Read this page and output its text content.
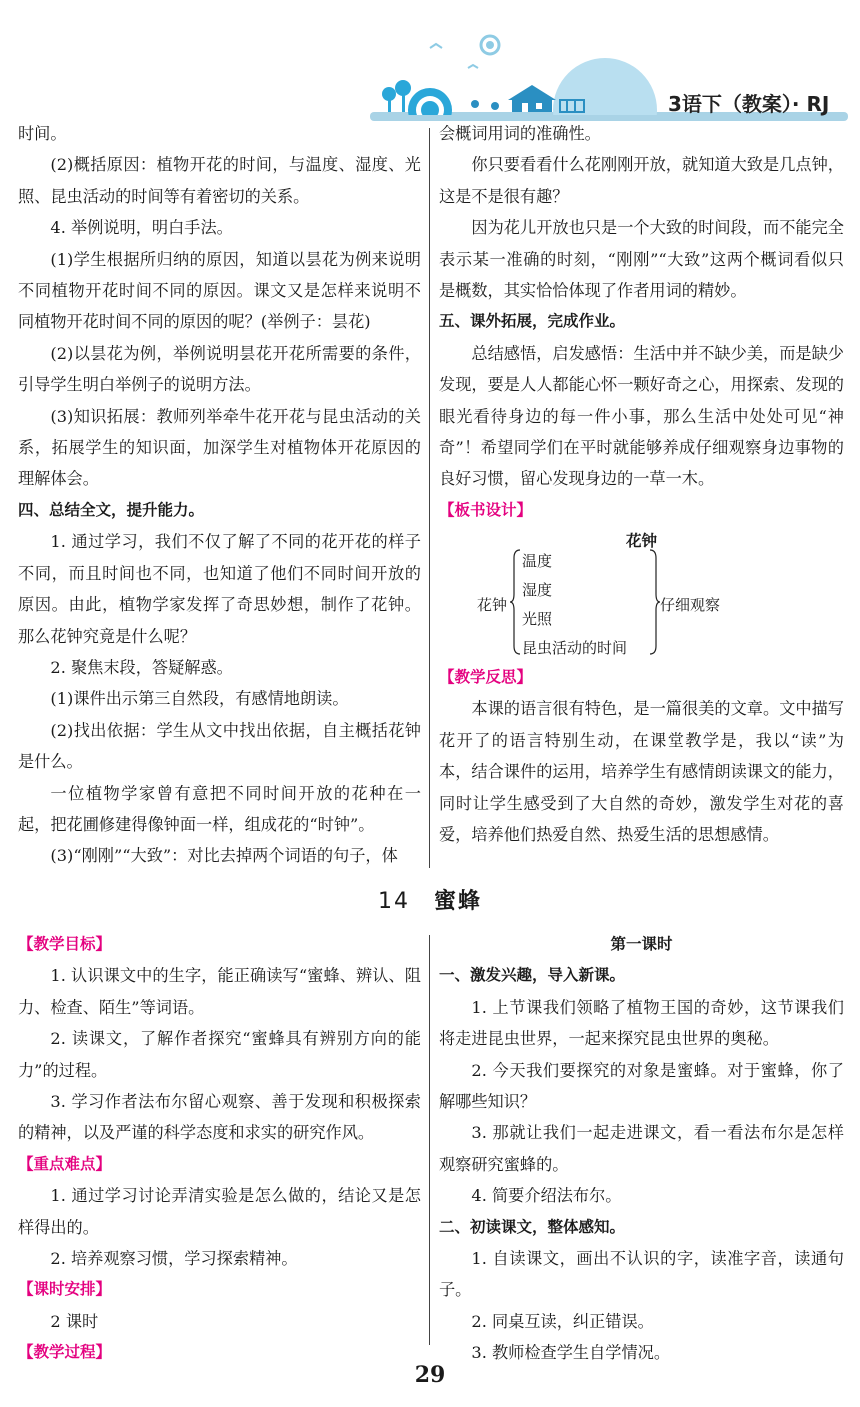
3语下（教案）· RJ

时间。

(2)概括原因：植物开花的时间，与温度、湿度、光照、昆虫活动的时间等有着密切的关系。

4. 举例说明，明白手法。

(1)学生根据所归纳的原因，知道以昙花为例来说明不同植物开花时间不同的原因。课文又是怎样来说明不同植物开花时间不同的原因的呢？(举例子：昙花)

(2)以昙花为例，举例说明昙花开花所需要的条件，引导学生明白举例子的说明方法。

(3)知识拓展：教师列举牵牛花开花与昆虫活动的关系，拓展学生的知识面，加深学生对植物体开花原因的理解体会。

四、总结全文，提升能力。

1. 通过学习，我们不仅了解了不同的花开花的样子不同，而且时间也不同，也知道了他们不同时间开放的原因。由此，植物学家发挥了奇思妙想，制作了花钟。那么花钟究竟是什么呢？

2. 聚焦末段，答疑解惑。

(1)课件出示第三自然段，有感情地朗读。

(2)找出依据：学生从文中找出依据，自主概括花钟是什么。

一位植物学家曾有意把不同时间开放的花种在一起，把花圃修建得像钟面一样，组成花的“时钟”。

(3)“刚刚”“大致”：对比去掉两个词语的句子，体

会概词用词的准确性。

你只要看看什么花刚刚开放，就知道大致是几点钟，这是不是很有趣？

因为花儿开放也只是一个大致的时间段，而不能完全表示某一准确的时刻，“刚刚”“大致”这两个概词看似只是概数，其实恰恰体现了作者用词的精妙。

五、课外拓展，完成作业。

总结感悟，启发感悟：生活中并不缺少美，而是缺少发现，要是人人都能心怀一颗好奇之心，用探索、发现的眼光看待身边的每一件小事，那么生活中处处可见“神奇”！希望同学们在平时就能够养成仔细观察身边事物的良好习惯，留心发现身边的一草一木。

【板书设计】

花钟

花钟
温度
湿度
光照
昆虫活动的时间
仔细观察

【教学反思】

本课的语言很有特色，是一篇很美的文章。文中描写花开了的语言特别生动，在课堂教学是，我以“读”为本，结合课件的运用，培养学生有感情朗读课文的能力，同时让学生感受到了大自然的奇妙，激发学生对花的喜爱，培养他们热爱自然、热爱生活的思想感情。

14 蜜蜂

【教学目标】

1. 认识课文中的生字，能正确读写“蜜蜂、辨认、阻力、检查、陌生”等词语。

2. 读课文，了解作者探究“蜜蜂具有辨别方向的能力”的过程。

3. 学习作者法布尔留心观察、善于发现和积极探索的精神，以及严谨的科学态度和求实的研究作风。

【重点难点】

1. 通过学习讨论弄清实验是怎么做的，结论又是怎样得出的。

2. 培养观察习惯，学习探索精神。

【课时安排】

2 课时

【教学过程】

第一课时

一、激发兴趣，导入新课。

1. 上节课我们领略了植物王国的奇妙，这节课我们将走进昆虫世界，一起来探究昆虫世界的奥秘。

2. 今天我们要探究的对象是蜜蜂。对于蜜蜂，你了解哪些知识？

3. 那就让我们一起走进课文，看一看法布尔是怎样观察研究蜜蜂的。

4. 简要介绍法布尔。

二、初读课文，整体感知。

1. 自读课文，画出不认识的字，读准字音，读通句子。

2. 同桌互读，纠正错误。

3. 教师检查学生自学情况。

29
